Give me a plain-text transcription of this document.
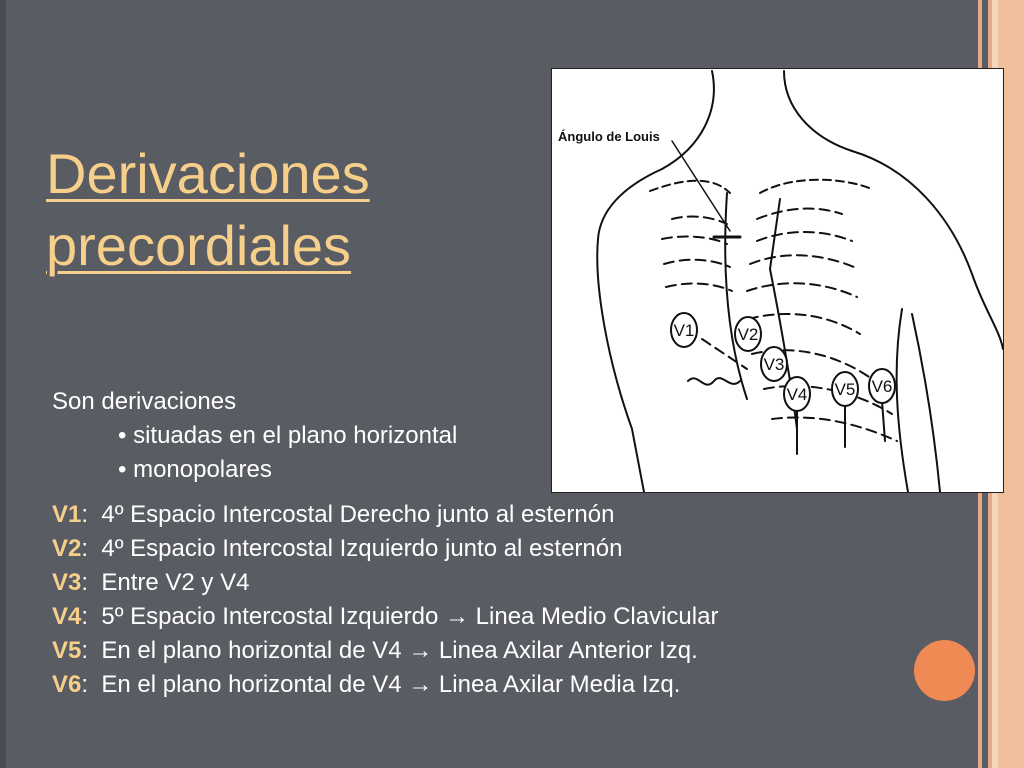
Derivaciones
precordiales
Son derivaciones
• situadas en el plano horizontal
• monopolares
V1	V2
V3
V4 V5 V6
Ángulo de Louis
V1:  4º Espacio Intercostal Derecho junto al esternón
V2:  4º Espacio Intercostal Izquierdo junto al esternón
V3:  Entre V2 y V4
V4:  5º Espacio Intercostal Izquierdo → Linea Medio Clavicular
V5:  En el plano horizontal de V4 → Linea Axilar Anterior Izq.
V6:  En el plano horizontal de V4 → Linea Axilar Media Izq.
